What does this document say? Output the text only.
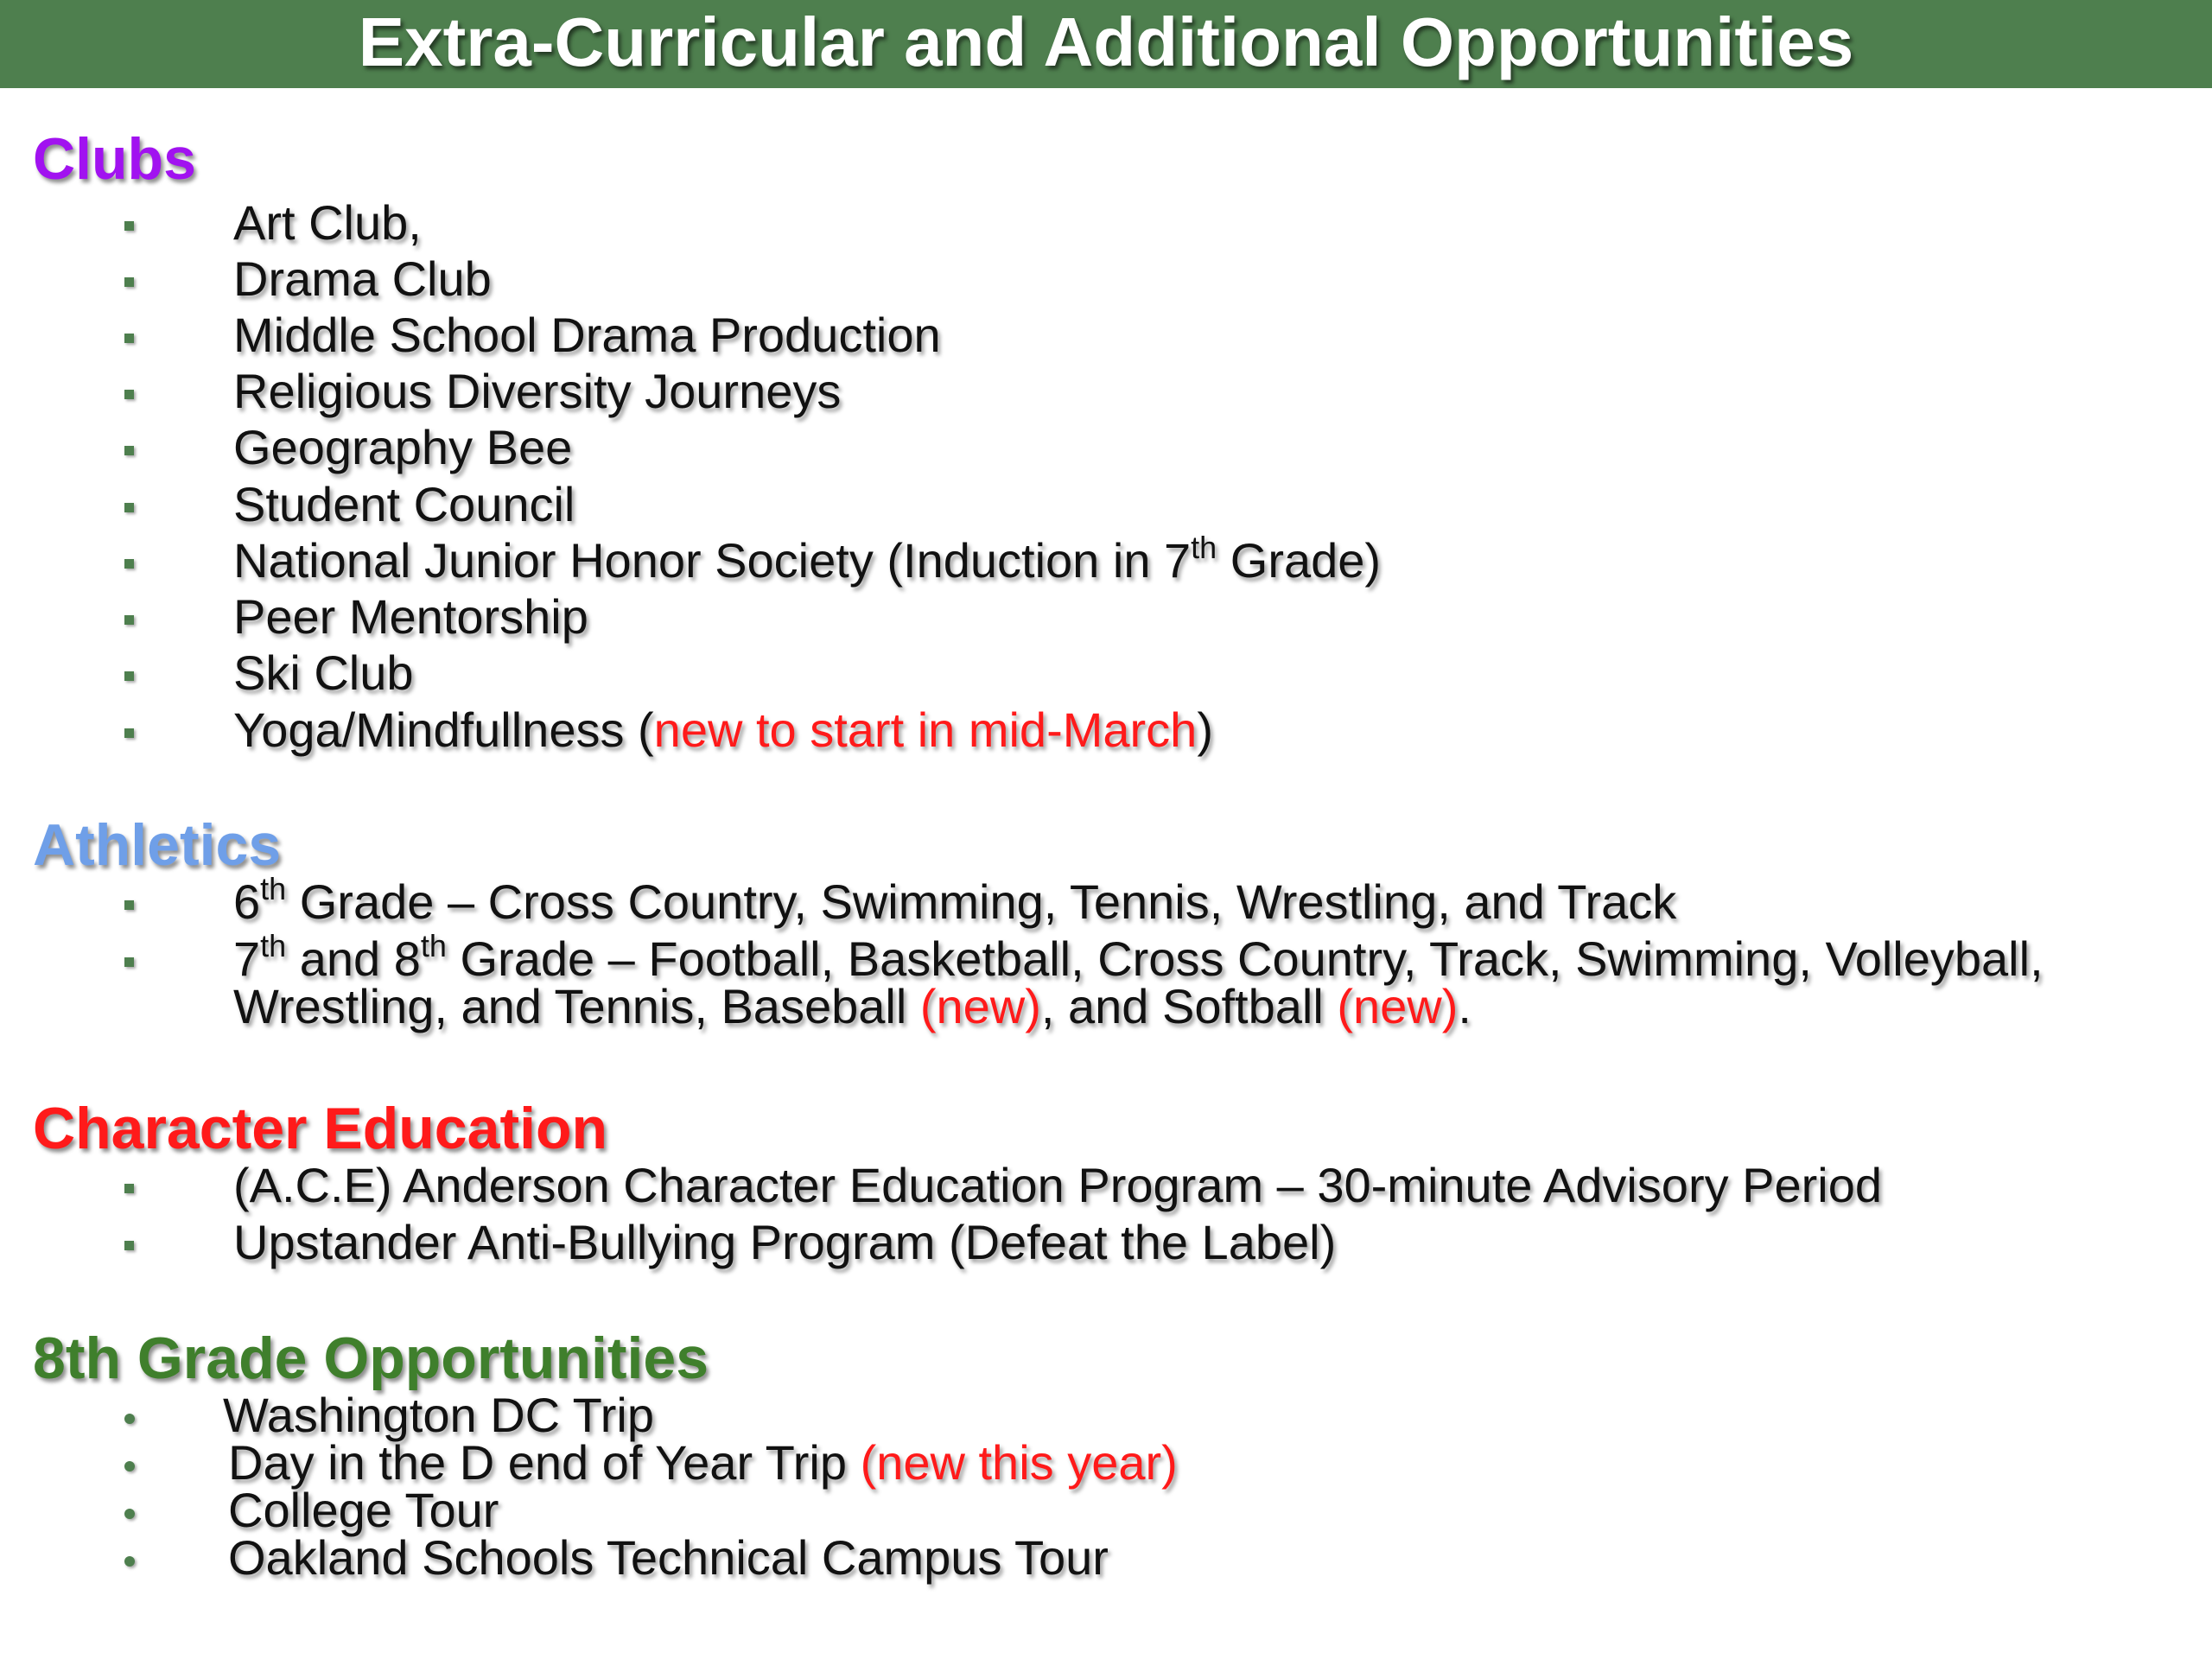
Extra-Curricular and Additional Opportunities
Clubs
Art Club,
Drama Club
Middle School Drama Production
Religious Diversity Journeys
Geography Bee
Student Council
National Junior Honor Society (Induction in 7th Grade)
Peer Mentorship
Ski Club
Yoga/Mindfullness (new to start in mid-March)
Athletics
6th Grade – Cross Country, Swimming, Tennis, Wrestling, and Track
7th and 8th Grade – Football, Basketball, Cross Country, Track, Swimming, Volleyball, Wrestling, and Tennis, Baseball (new), and Softball (new).
Character Education
(A.C.E) Anderson Character Education Program – 30-minute Advisory Period
Upstander Anti-Bullying Program (Defeat the Label)
8th Grade Opportunities
Washington DC Trip
Day in the D end of Year Trip (new this year)
College Tour
Oakland Schools Technical Campus Tour
